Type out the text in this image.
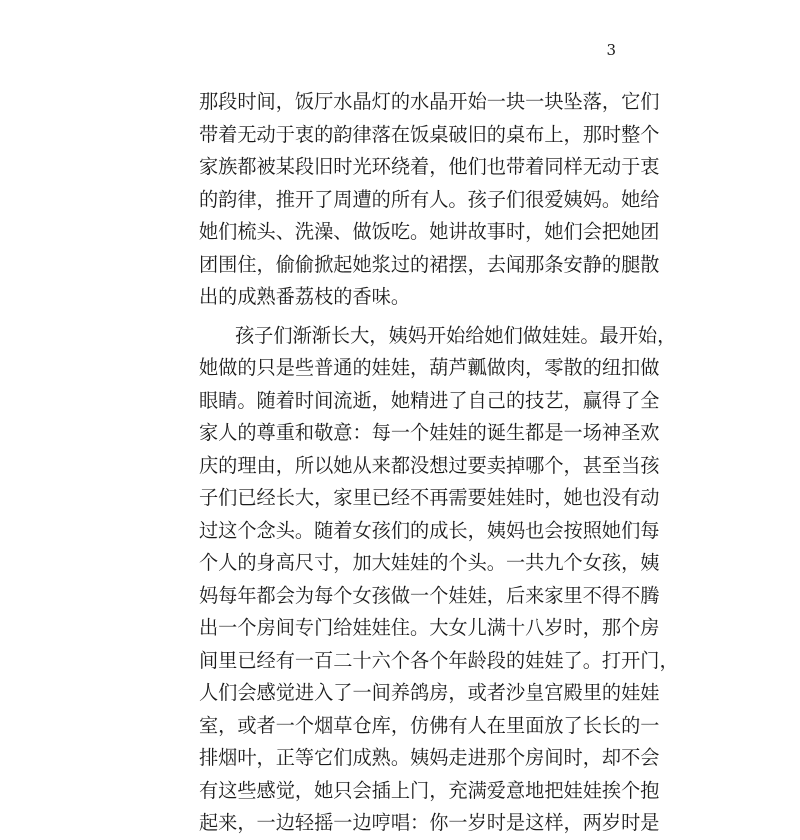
3
那段时间，饭厅水晶灯的水晶开始一块一块坠落，它们
带着无动于衷的韵律落在饭桌破旧的桌布上，那时整个
家族都被某段旧时光环绕着，他们也带着同样无动于衷
的韵律，推开了周遭的所有人。孩子们很爱姨妈。她给
她们梳头、洗澡、做饭吃。她讲故事时，她们会把她团
团围住，偷偷掀起她浆过的裙摆，去闻那条安静的腿散
出的成熟番荔枝的香味。
孩子们渐渐长大，姨妈开始给她们做娃娃。最开始，
她做的只是些普通的娃娃，葫芦瓤做肉，零散的纽扣做
眼睛。随着时间流逝，她精进了自己的技艺，赢得了全
家人的尊重和敬意：每一个娃娃的诞生都是一场神圣欢
庆的理由，所以她从来都没想过要卖掉哪个，甚至当孩
子们已经长大，家里已经不再需要娃娃时，她也没有动
过这个念头。随着女孩们的成长，姨妈也会按照她们每
个人的身高尺寸，加大娃娃的个头。一共九个女孩，姨
妈每年都会为每个女孩做一个娃娃，后来家里不得不腾
出一个房间专门给娃娃住。大女儿满十八岁时，那个房
间里已经有一百二十六个各个年龄段的娃娃了。打开门，
人们会感觉进入了一间养鸽房，或者沙皇宫殿里的娃娃
室，或者一个烟草仓库，仿佛有人在里面放了长长的一
排烟叶，正等它们成熟。姨妈走进那个房间时，却不会
有这些感觉，她只会插上门，充满爱意地把娃娃挨个抱
起来，一边轻摇一边哼唱：你一岁时是这样，两岁时是
